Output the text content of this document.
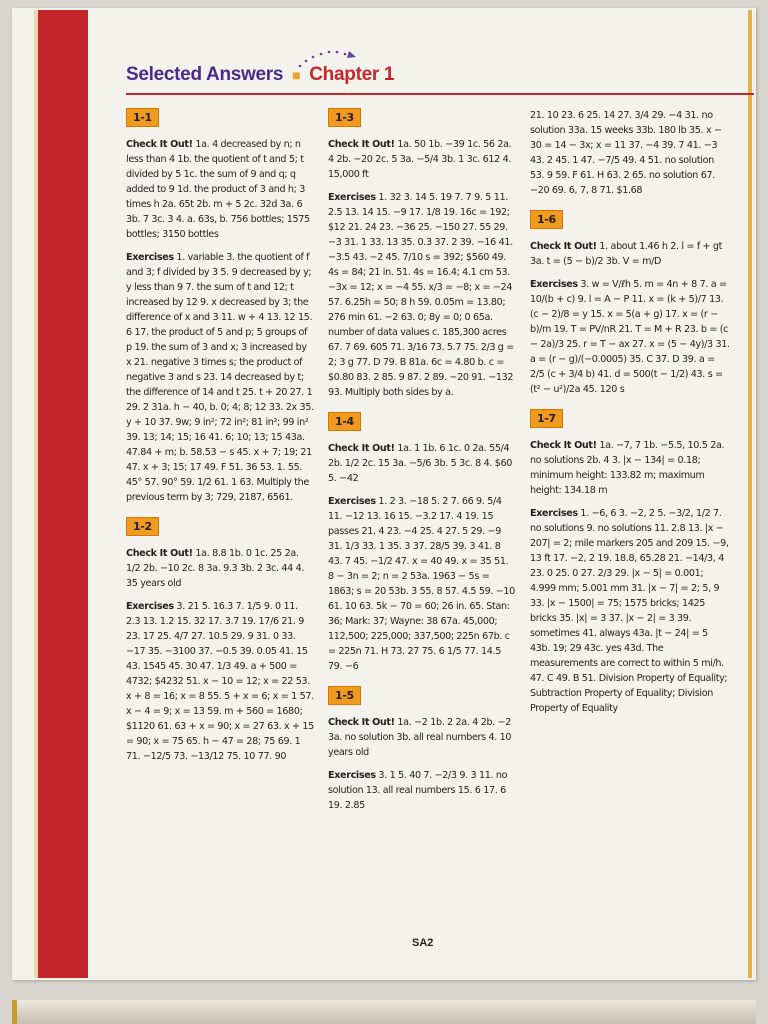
Selected Answers ■ Chapter 1
1-1

Check It Out! 1a. 4 decreased by n; n less than 4 1b. the quotient of t and 5; t divided by 5 1c. the sum of 9 and q; q added to 9 1d. the product of 3 and h; 3 times h 2a. 65t 2b. m + 5 2c. 32d 3a. 6 3b. 7 3c. 3 4. a. 63s, b. 756 bottles; 1575 bottles; 3150 bottles

Exercises 1. variable 3. the quotient of f and 3; f divided by 3 5. 9 decreased by y; y less than 9 7. the sum of t and 12; t increased by 12 9. x decreased by 3; the difference of x and 3 11. w + 4 13. 12 15. 6 17. the product of 5 and p; 5 groups of p 19. the sum of 3 and x; 3 increased by x 21. negative 3 times s; the product of negative 3 and s 23. 14 decreased by t; the difference of 14 and t 25. t + 20 27. 1 29. 2 31a. h − 40, b. 0; 4; 8; 12 33. 2x 35. y + 10 37. 9w; 9 in²; 72 in²; 81 in²; 99 in² 39. 13; 14; 15; 16 41. 6; 10; 13; 15 43a. 47.84 + m; b. 58.53 − s 45. x + 7; 19; 21 47. x + 3; 15; 17 49. F 51. 36 53. 1. 55. 45° 57. 90° 59. 1/2 61. 1 63. Multiply the previous term by 3; 729, 2187, 6561.

1-2

Check It Out! 1a. 8.8 1b. 0 1c. 25 2a. 1/2 2b. −10 2c. 8 3a. 9.3 3b. 2 3c. 44 4. 35 years old

Exercises 3. 21 5. 16.3 7. 1/5 9. 0 11. 2.3 13. 1.2 15. 32 17. 3.7 19. 17/6 21. 9 23. 17 25. 4/7 27. 10.5 29. 9 31. 0 33. −17 35. −3100 37. −0.5 39. 0.05 41. 15 43. 1545 45. 30 47. 1/3 49. a + 500 = 4732; $4232 51. x − 10 = 12; x = 22 53. x + 8 = 16; x = 8 55. 5 + x = 6; x = 1 57. x − 4 = 9; x = 13 59. m + 560 = 1680; $1120 61. 63 + x = 90; x = 27 63. x + 15 = 90; x = 75 65. h − 47 = 28; 75 69. 1 71. −12/5 73. −13/12 75. 10 77. 90

1-3

Check It Out! 1a. 50 1b. −39 1c. 56 2a. 4 2b. −20 2c. 5 3a. −5/4 3b. 1 3c. 612 4. 15,000 ft

Exercises 1. 32 3. 14 5. 19 7. 7 9. 5 11. 2.5 13. 14 15. −9 17. 1/8 19. 16c = 192; $12 21. 24 23. −36 25. −150 27. 55 29. −3 31. 1 33. 13 35. 0.3 37. 2 39. −16 41. −3.5 43. −2 45. 7/10 s = 392; $560 49. 4s = 84; 21 in. 51. 4s = 16.4; 4.1 cm 53. −3x = 12; x = −4 55. x/3 = −8; x = −24 57. 6.25h = 50; 8 h 59. 0.05m = 13.80; 276 min 61. −2 63. 0; 8y = 0; 0 65a. number of data values c. 185,300 acres 67. 7 69. 605 71. 3/16 73. 5.7 75. 2/3 g = 2; 3 g 77. D 79. B 81a. 6c = 4.80 b. c = $0.80 83. 2 85. 9 87. 2 89. −20 91. −132 93. Multiply both sides by a.

1-4

Check It Out! 1a. 1 1b. 6 1c. 0 2a. 55/4 2b. 1/2 2c. 15 3a. −5/6 3b. 5 3c. 8 4. $60 5. −42

Exercises 1. 2 3. −18 5. 2 7. 66 9. 5/4 11. −12 13. 16 15. −3.2 17. 4 19. 15 passes 21. 4 23. −4 25. 4 27. 5 29. −9 31. 1/3 33. 1 35. 3 37. 28/5 39. 3 41. 8 43. 7 45. −1/2 47. x = 40 49. x = 35 51. 8 − 3n = 2; n = 2 53a. 1963 − 5s = 1863; s = 20 53b. 3 55. 8 57. 4.5 59. −10 61. 10 63. 5k − 70 = 60; 26 in. 65. Stan: 36; Mark: 37; Wayne: 38 67a. 45,000; 112,500; 225,000; 337,500; 225n 67b. c = 225n 71. H 73. 27 75. 6 1/5 77. 14.5 79. −6

1-5

Check It Out! 1a. −2 1b. 2 2a. 4 2b. −2 3a. no solution 3b. all real numbers 4. 10 years old

Exercises 3. 1 5. 40 7. −2/3 9. 3 11. no solution 13. all real numbers 15. 6 17. 6 19. 2.85

21. 10 23. 6 25. 14 27. 3/4 29. −4 31. no solution 33a. 15 weeks 33b. 180 lb 35. x − 30 = 14 − 3x; x = 11 37. −4 39. 7 41. −3 43. 2 45. 1 47. −7/5 49. 4 51. no solution 53. 9 59. F 61. H 63. 2 65. no solution 67. −20 69. 6, 7, 8 71. $1.68

1-6

Check It Out! 1. about 1.46 h 2. l = f + gt 3a. t = (5 − b)/2 3b. V = m/D

Exercises 3. w = V/ℓh 5. m = 4n + 8 7. a = 10/(b + c) 9. l = A − P 11. x = (k + 5)/7 13. (c − 2)/8 = y 15. x = 5(a + g) 17. x = (r − b)/m 19. T = PV/nR 21. T = M + R 23. b = (c − 2a)/3 25. r = T − ax 27. x = (5 − 4y)/3 31. a = (r − g)/(−0.0005) 35. C 37. D 39. a = 2/5 (c + 3/4 b) 41. d = 500(t − 1/2) 43. s = (t² − u²)/2a 45. 120 s

1-7

Check It Out! 1a. −7, 7 1b. −5.5, 10.5 2a. no solutions 2b. 4 3. |x − 134| = 0.18; minimum height: 133.82 m; maximum height: 134.18 m

Exercises 1. −6, 6 3. −2, 2 5. −3/2, 1/2 7. no solutions 9. no solutions 11. 2.8 13. |x − 207| = 2; mile markers 205 and 209 15. −9, 13 ft 17. −2, 2 19. 18.8, 65.28 21. −14/3, 4 23. 0 25. 0 27. 2/3 29. |x − 5| = 0.001; 4.999 mm; 5.001 mm 31. |x − 7| = 2; 5, 9 33. |x − 1500| = 75; 1575 bricks; 1425 bricks 35. |x| = 3 37. |x − 2| = 3 39. sometimes 41. always 43a. |t − 24| = 5 43b. 19; 29 43c. yes 43d. The measurements are correct to within 5 mi/h. 47. C 49. B 51. Division Property of Equality; Subtraction Property of Equality; Division Property of Equality

SA2
